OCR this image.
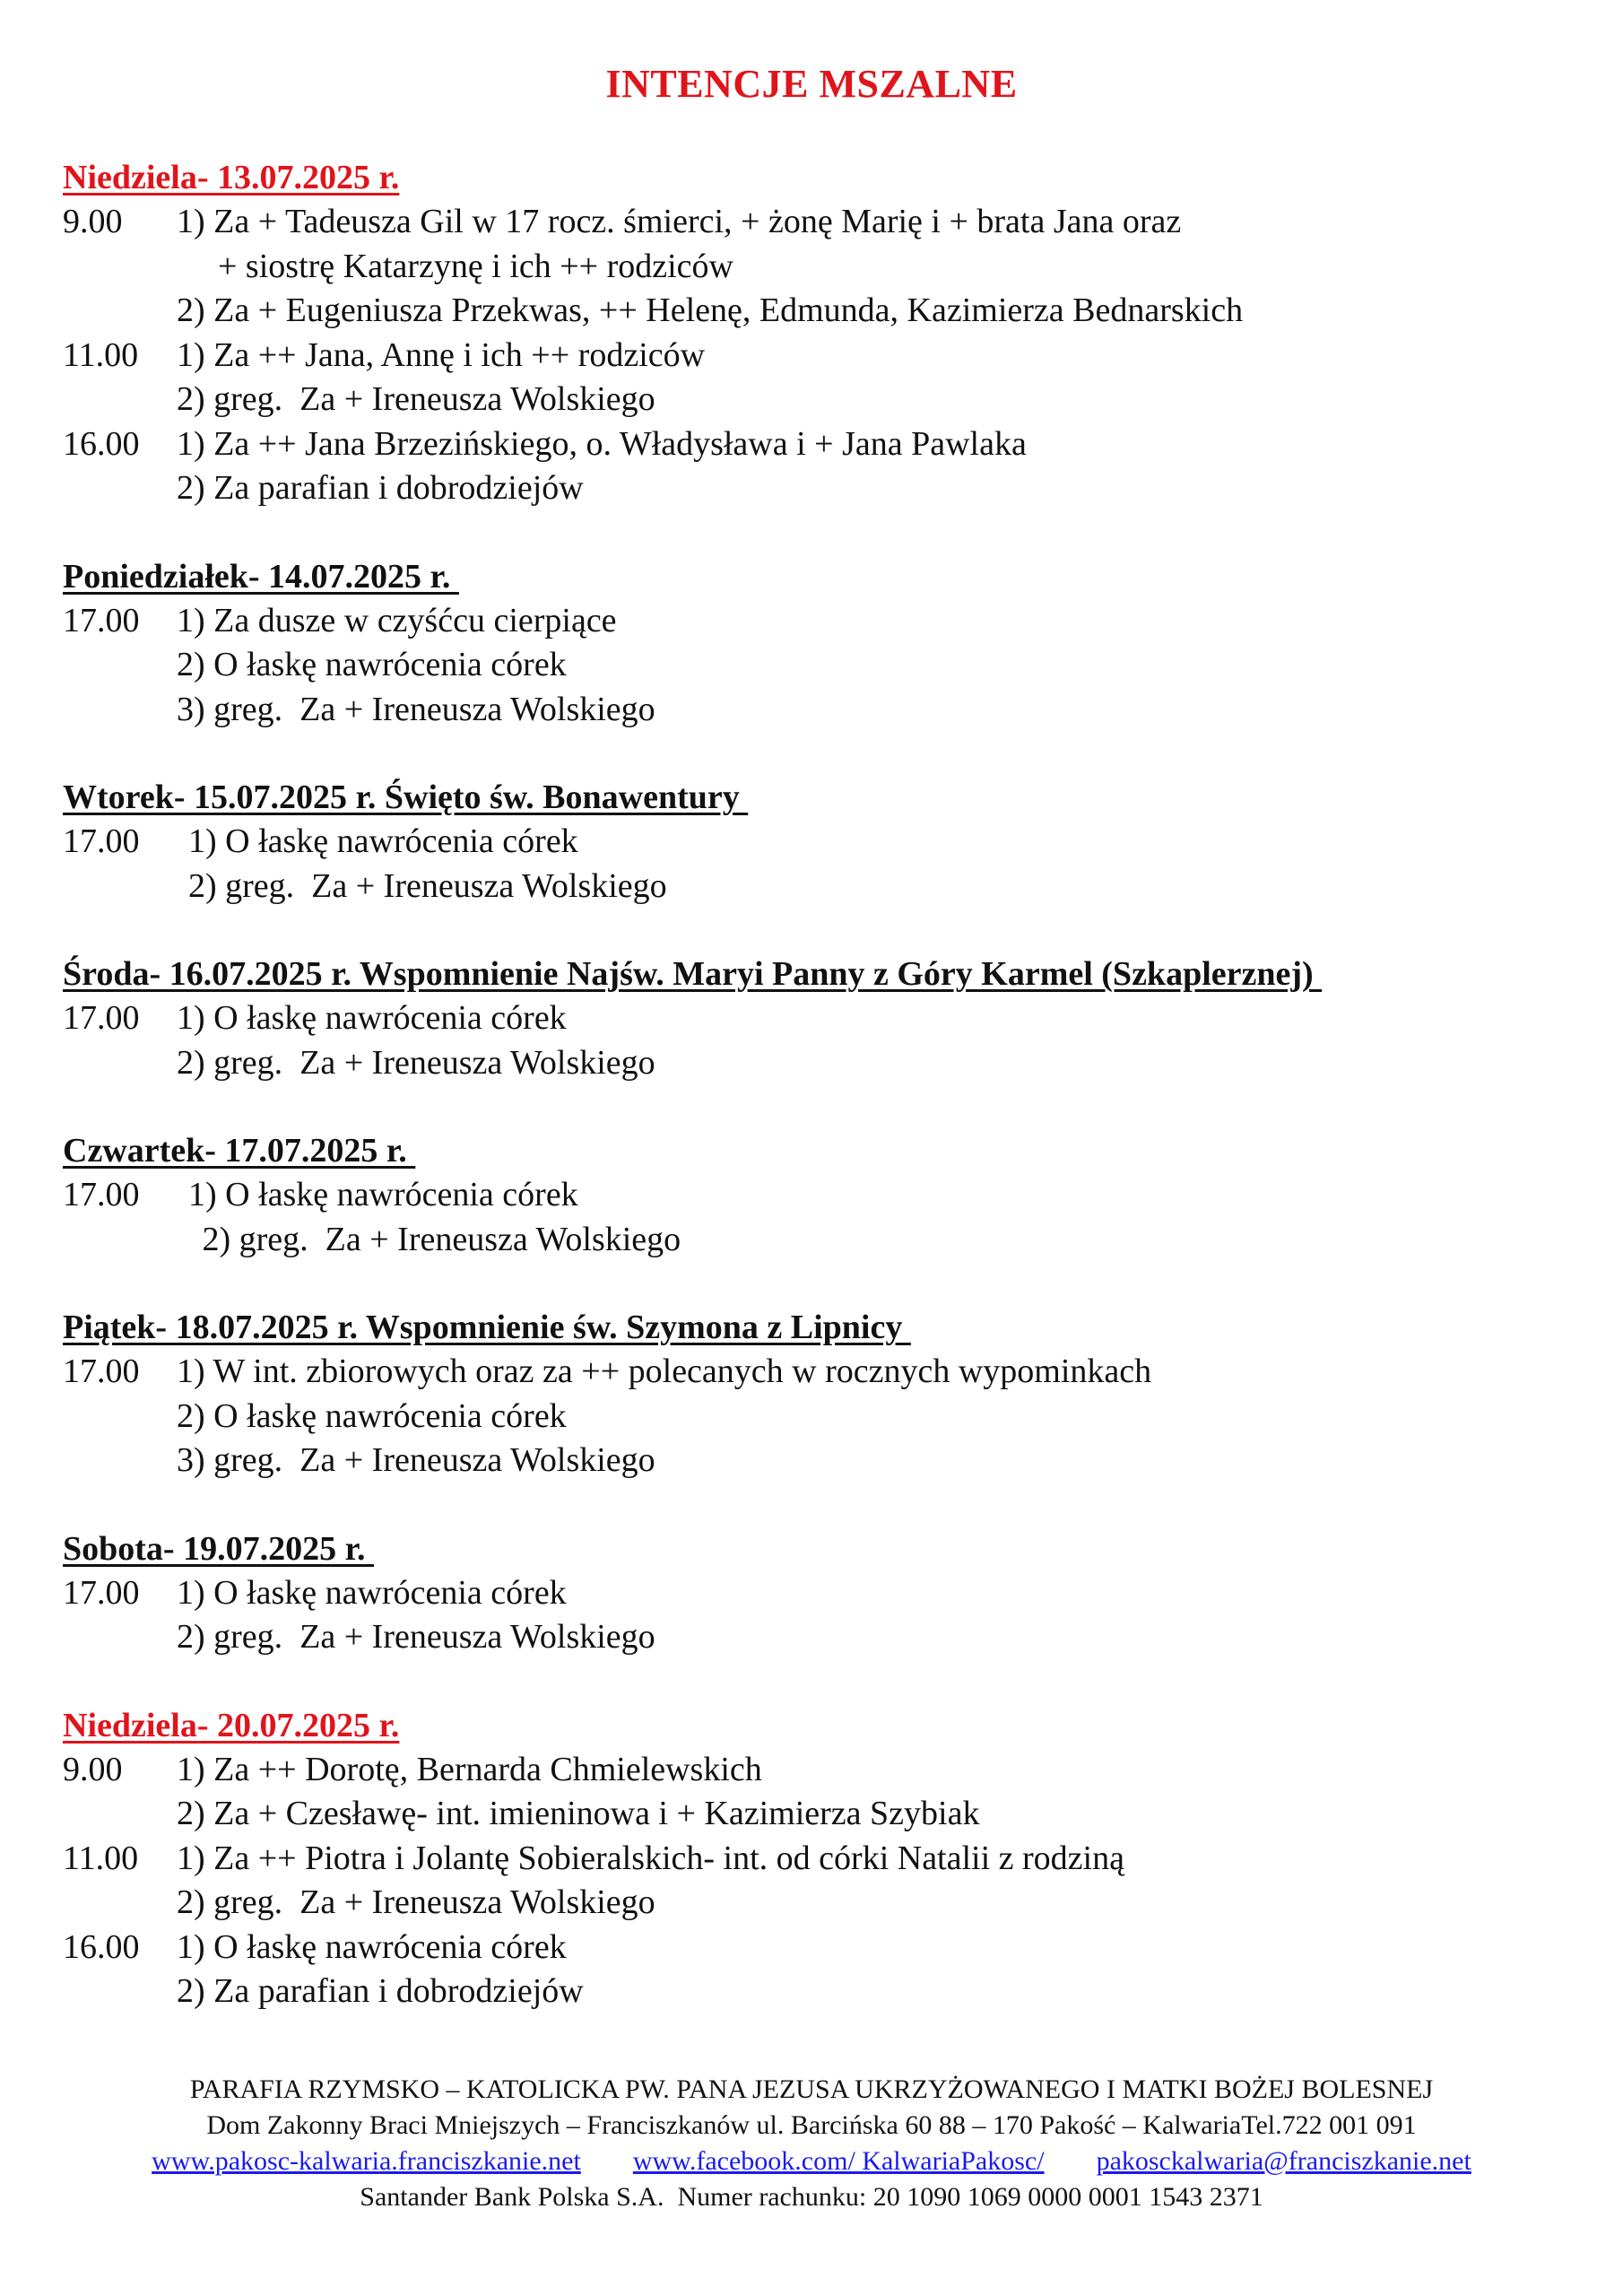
INTENCJE MSZALNE
Niedziela- 13.07.2025 r.
9.00 1) Za + Tadeusza Gil w 17 rocz. śmierci, + żonę Marię i + brata Jana oraz
+ siostrę Katarzynę i ich ++ rodziców
2) Za + Eugeniusza Przekwas, ++ Helenę, Edmunda, Kazimierza Bednarskich
11.00 1) Za ++ Jana, Annę i ich ++ rodziców
2) greg.  Za + Ireneusza Wolskiego
16.00 1) Za ++ Jana Brzezińskiego, o. Władysława i + Jana Pawlaka
2) Za parafian i dobrodziejów
Poniedziałek- 14.07.2025 r.
17.00 1) Za dusze w czyśćcu cierpiące
2) O łaskę nawrócenia córek
3) greg.  Za + Ireneusza Wolskiego
Wtorek- 15.07.2025 r. Święto św. Bonawentury
17.00 1) O łaskę nawrócenia córek
2) greg.  Za + Ireneusza Wolskiego
Środa- 16.07.2025 r. Wspomnienie Najśw. Maryi Panny z Góry Karmel (Szkaplerznej)
17.00 1) O łaskę nawrócenia córek
2) greg.  Za + Ireneusza Wolskiego
Czwartek- 17.07.2025 r.
17.00 1) O łaskę nawrócenia córek
2) greg.  Za + Ireneusza Wolskiego
Piątek- 18.07.2025 r. Wspomnienie św. Szymona z Lipnicy
17.00 1) W int. zbiorowych oraz za ++ polecanych w rocznych wypominkach
2) O łaskę nawrócenia córek
3) greg.  Za + Ireneusza Wolskiego
Sobota- 19.07.2025 r.
17.00 1) O łaskę nawrócenia córek
2) greg.  Za + Ireneusza Wolskiego
Niedziela- 20.07.2025 r.
9.00 1) Za ++ Dorotę, Bernarda Chmielewskich
2) Za + Czesławę- int. imieninowa i + Kazimierza Szybiak
11.00 1) Za ++ Piotra i Jolantę Sobieralskich- int. od córki Natalii z rodziną
2) greg.  Za + Ireneusza Wolskiego
16.00 1) O łaskę nawrócenia córek
2) Za parafian i dobrodziejów
PARAFIA RZYMSKO – KATOLICKA PW. PANA JEZUSA UKRZYŻOWANEGO I MATKI BOŻEJ BOLESNEJ
Dom Zakonny Braci Mniejszych – Franciszkanów ul. Barcińska 60 88 – 170 Pakość – KalwariaTel.722 001 091
www.pakosc-kalwaria.franciszkanie.net www.facebook.com/ KalwariaPakosc/ pakosckalwaria@franciszkanie.net
Santander Bank Polska S.A.  Numer rachunku: 20 1090 1069 0000 0001 1543 2371
